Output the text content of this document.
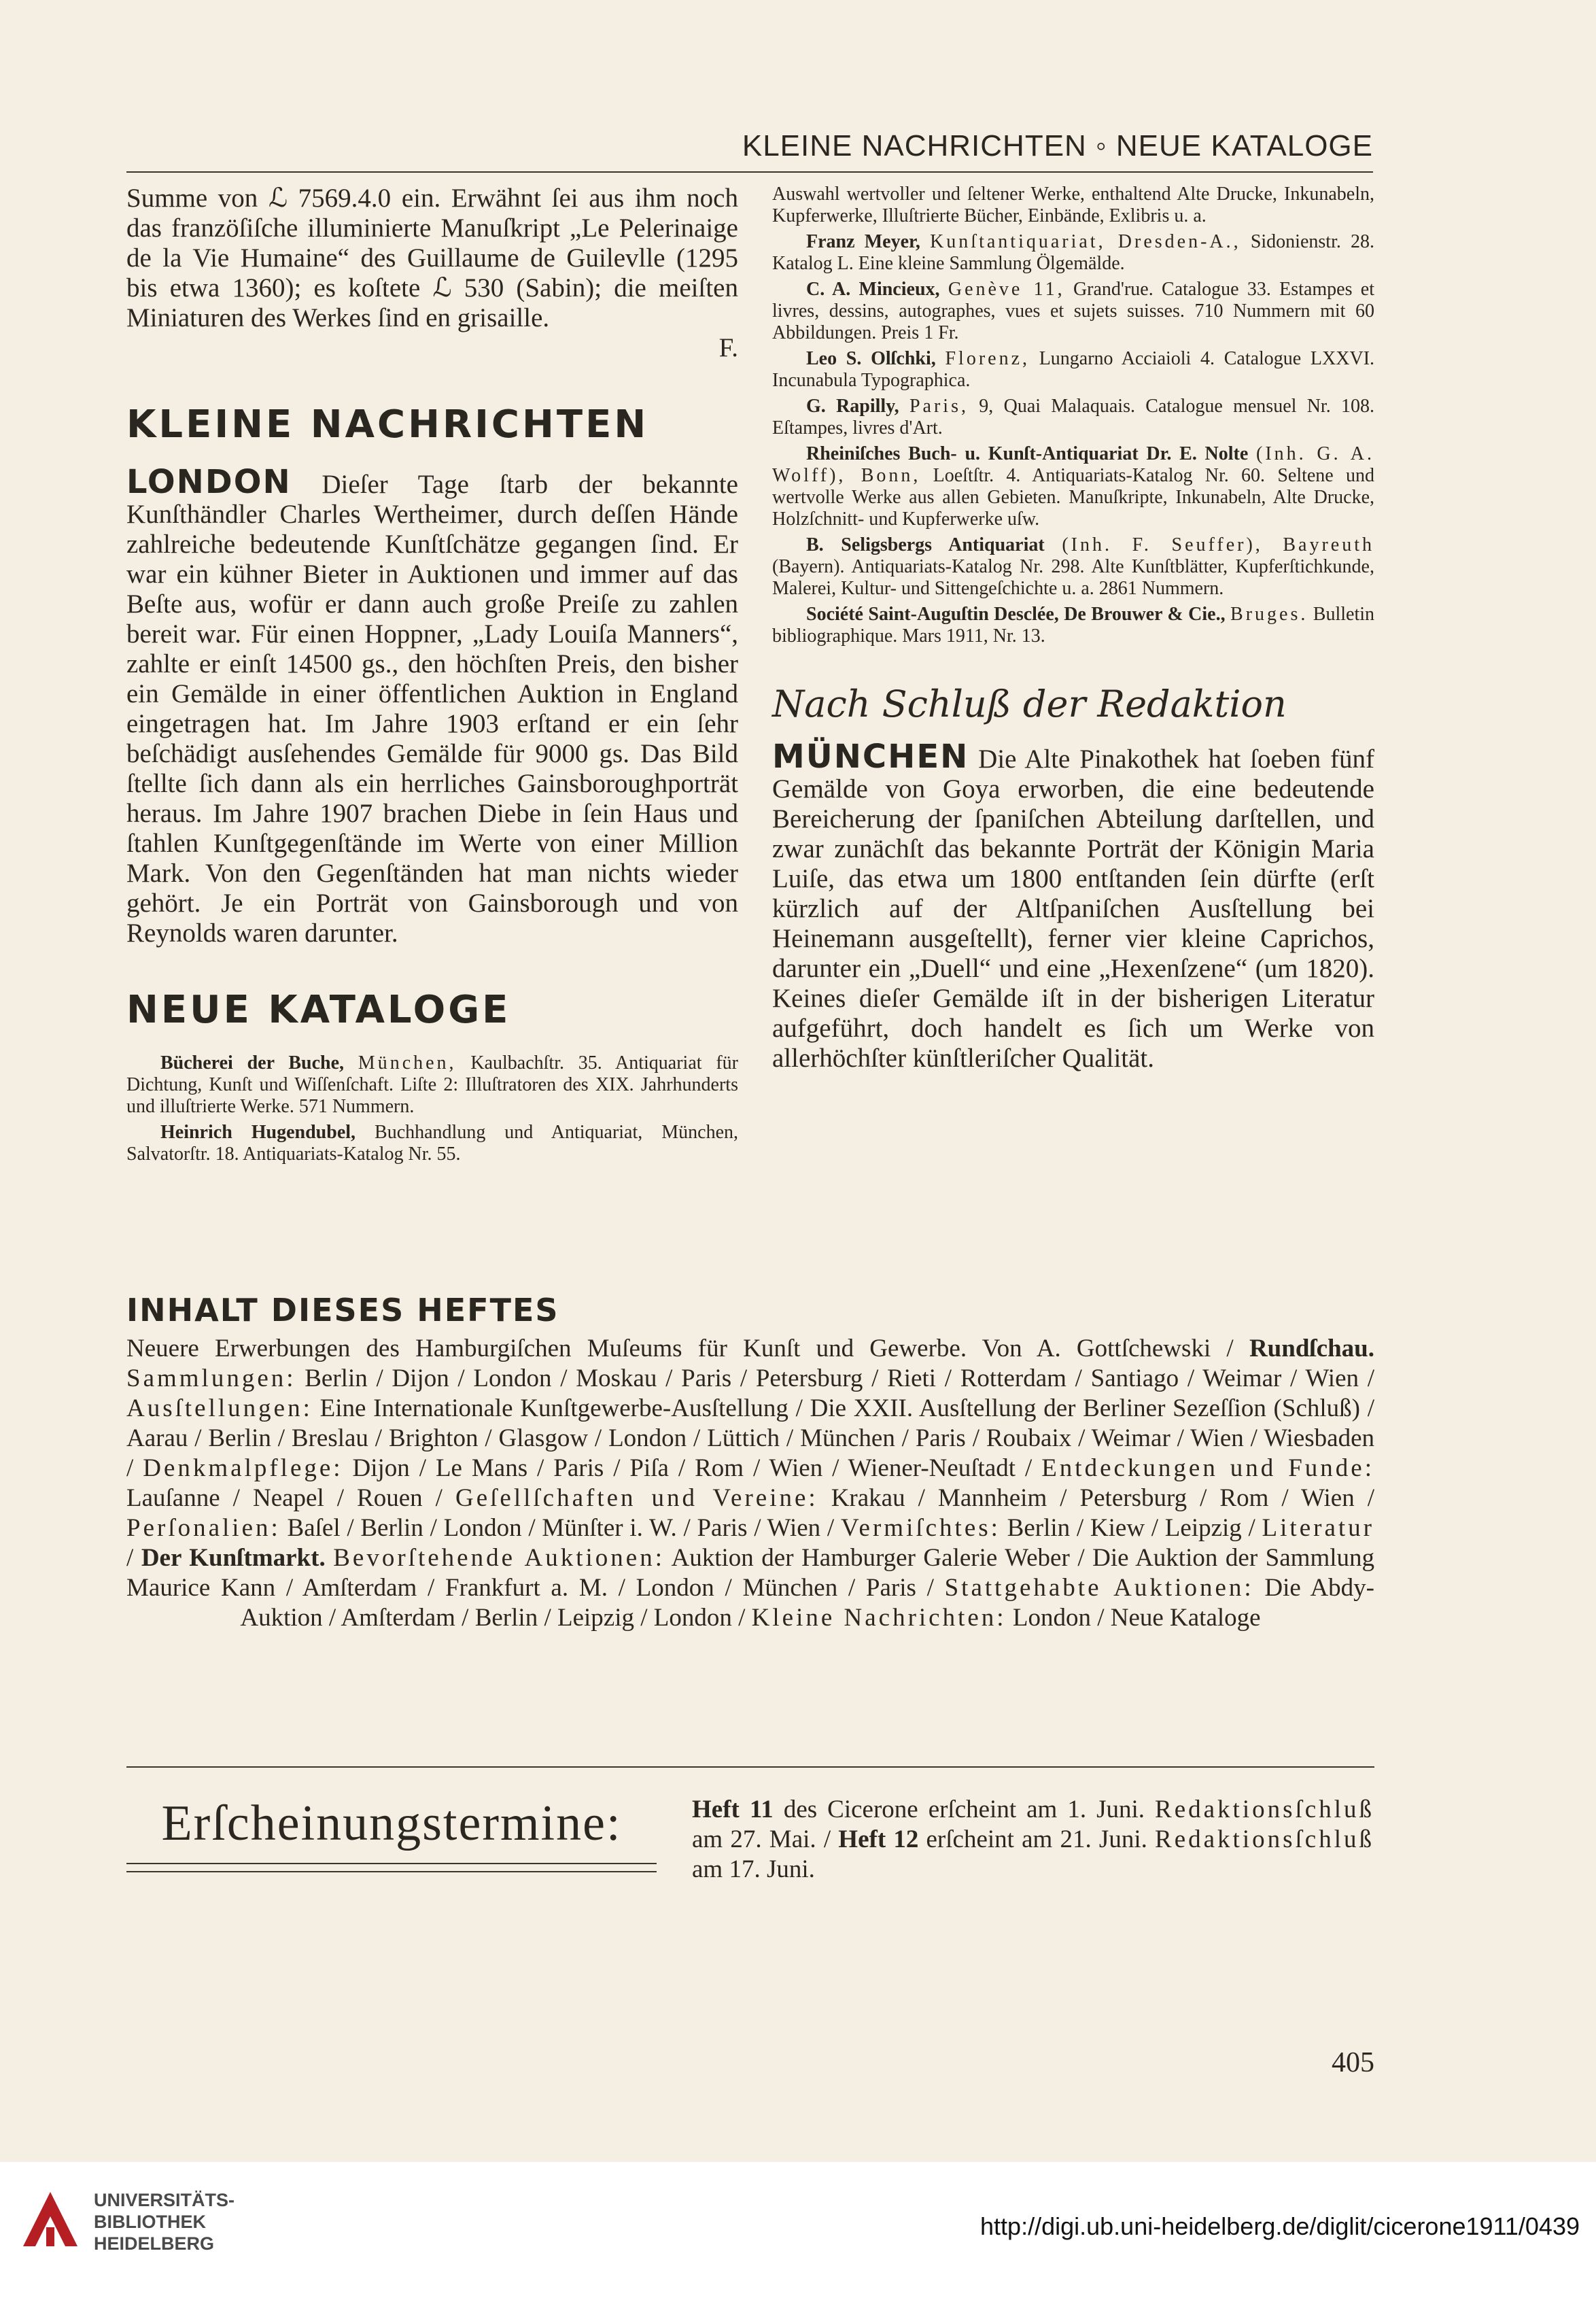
KLEINE NACHRICHTEN ◦ NEUE KATALOGE

Summe von ℒ 7569.4.0 ein. Erwähnt ſei aus ihm noch das franzöſiſche illuminierte Manuſkript „Le Pelerinaige de la Vie Humaine“ des Guillaume de Guilevlle (1295 bis etwa 1360); es koſtete ℒ 530 (Sabin); die meiſten Miniaturen des Werkes ſind en grisaille.

F.

KLEINE NACHRICHTEN

LONDON Dieſer Tage ſtarb der bekannte Kunſthändler Charles Wertheimer, durch deſſen Hände zahlreiche bedeutende Kunſtſchätze gegangen ſind. Er war ein kühner Bieter in Auktionen und immer auf das Beſte aus, wofür er dann auch große Preiſe zu zahlen bereit war. Für einen Hoppner, „Lady Louiſa Manners“, zahlte er einſt 14500 gs., den höchſten Preis, den bisher ein Gemälde in einer öffentlichen Auktion in England eingetragen hat. Im Jahre 1903 erſtand er ein ſehr beſchädigt ausſehendes Gemälde für 9000 gs. Das Bild ſtellte ſich dann als ein herrliches Gainsboroughporträt heraus. Im Jahre 1907 brachen Diebe in ſein Haus und ſtahlen Kunſtgegenſtände im Werte von einer Million Mark. Von den Gegenſtänden hat man nichts wieder gehört. Je ein Porträt von Gainsborough und von Reynolds waren darunter.

NEUE KATALOGE

Bücherei der Buche, München, Kaulbachſtr. 35. Antiquariat für Dichtung, Kunſt und Wiſſenſchaft. Liſte 2: Illuſtratoren des XIX. Jahrhunderts und illuſtrierte Werke. 571 Nummern.

Heinrich Hugendubel, Buchhandlung und Antiquariat, München, Salvatorſtr. 18. Antiquariats-Katalog Nr. 55.

Auswahl wertvoller und ſeltener Werke, enthaltend Alte Drucke, Inkunabeln, Kupferwerke, Illuſtrierte Bücher, Einbände, Exlibris u. a.

Franz Meyer, Kunſtantiquariat, Dresden-A., Sidonienstr. 28. Katalog L. Eine kleine Sammlung Ölgemälde.

C. A. Mincieux, Genève 11, Grand'rue. Catalogue 33. Estampes et livres, dessins, autographes, vues et sujets suisses. 710 Nummern mit 60 Abbildungen. Preis 1 Fr.

Leo S. Olſchki, Florenz, Lungarno Acciaioli 4. Catalogue LXXVI. Incunabula Typographica.

G. Rapilly, Paris, 9, Quai Malaquais. Catalogue mensuel Nr. 108. Eſtampes, livres d'Art.

Rheiniſches Buch- u. Kunſt-Antiquariat Dr. E. Nolte (Inh. G. A. Wolff), Bonn, Loeſtſtr. 4. Antiquariats-Katalog Nr. 60. Seltene und wertvolle Werke aus allen Gebieten. Manuſkripte, Inkunabeln, Alte Drucke, Holzſchnitt- und Kupferwerke uſw.

B. Seligsbergs Antiquariat (Inh. F. Seuffer), Bayreuth (Bayern). Antiquariats-Katalog Nr. 298. Alte Kunſtblätter, Kupferſtichkunde, Malerei, Kultur- und Sittengeſchichte u. a. 2861 Nummern.

Société Saint-Auguſtin Desclée, De Brouwer & Cie., Bruges. Bulletin bibliographique. Mars 1911, Nr. 13.

Nach Schluß der Redaktion

MÜNCHEN Die Alte Pinakothek hat ſoeben fünf Gemälde von Goya erworben, die eine bedeutende Bereicherung der ſpaniſchen Abteilung darſtellen, und zwar zunächſt das bekannte Porträt der Königin Maria Luiſe, das etwa um 1800 entſtanden ſein dürfte (erſt kürzlich auf der Altſpaniſchen Ausſtellung bei Heinemann ausgeſtellt), ferner vier kleine Caprichos, darunter ein „Duell“ und eine „Hexenſzene“ (um 1820). Keines dieſer Gemälde iſt in der bisherigen Literatur aufgeführt, doch handelt es ſich um Werke von allerhöchſter künſtleriſcher Qualität.

INHALT DIESES HEFTES

Neuere Erwerbungen des Hamburgiſchen Muſeums für Kunſt und Gewerbe. Von A. Gottſchewski / Rundſchau. Sammlungen: Berlin / Dijon / London / Moskau / Paris / Petersburg / Rieti / Rotterdam / Santiago / Weimar / Wien / Ausſtellungen: Eine Internationale Kunſtgewerbe-Ausſtellung / Die XXII. Ausſtellung der Berliner Sezeſſion (Schluß) / Aarau / Berlin / Breslau / Brighton / Glasgow / London / Lüttich / München / Paris / Roubaix / Weimar / Wien / Wiesbaden / Denkmalpflege: Dijon / Le Mans / Paris / Piſa / Rom / Wien / Wiener-Neuſtadt / Entdeckungen und Funde: Lauſanne / Neapel / Rouen / Geſellſchaften und Vereine: Krakau / Mannheim / Petersburg / Rom / Wien / Perſonalien: Baſel / Berlin / London / Münſter i. W. / Paris / Wien / Vermiſchtes: Berlin / Kiew / Leipzig / Literatur / Der Kunſtmarkt. Bevorſtehende Auktionen: Auktion der Hamburger Galerie Weber / Die Auktion der Sammlung Maurice Kann / Amſterdam / Frankfurt a. M. / London / München / Paris / Stattgehabte Auktionen: Die Abdy-Auktion / Amſterdam / Berlin / Leipzig / London / Kleine Nachrichten: London / Neue Kataloge

Erſcheinungstermine:	Heft 11 des Cicerone erſcheint am 1. Juni. Redaktionsſchluß am 27. Mai. / Heft 12 erſcheint am 21. Juni. Redaktionsſchluß am 17. Juni.

405
UNIVERSITÄTS-
BIBLIOTHEK
HEIDELBERG
http://digi.ub.uni-heidelberg.de/diglit/cicerone1911/0439
